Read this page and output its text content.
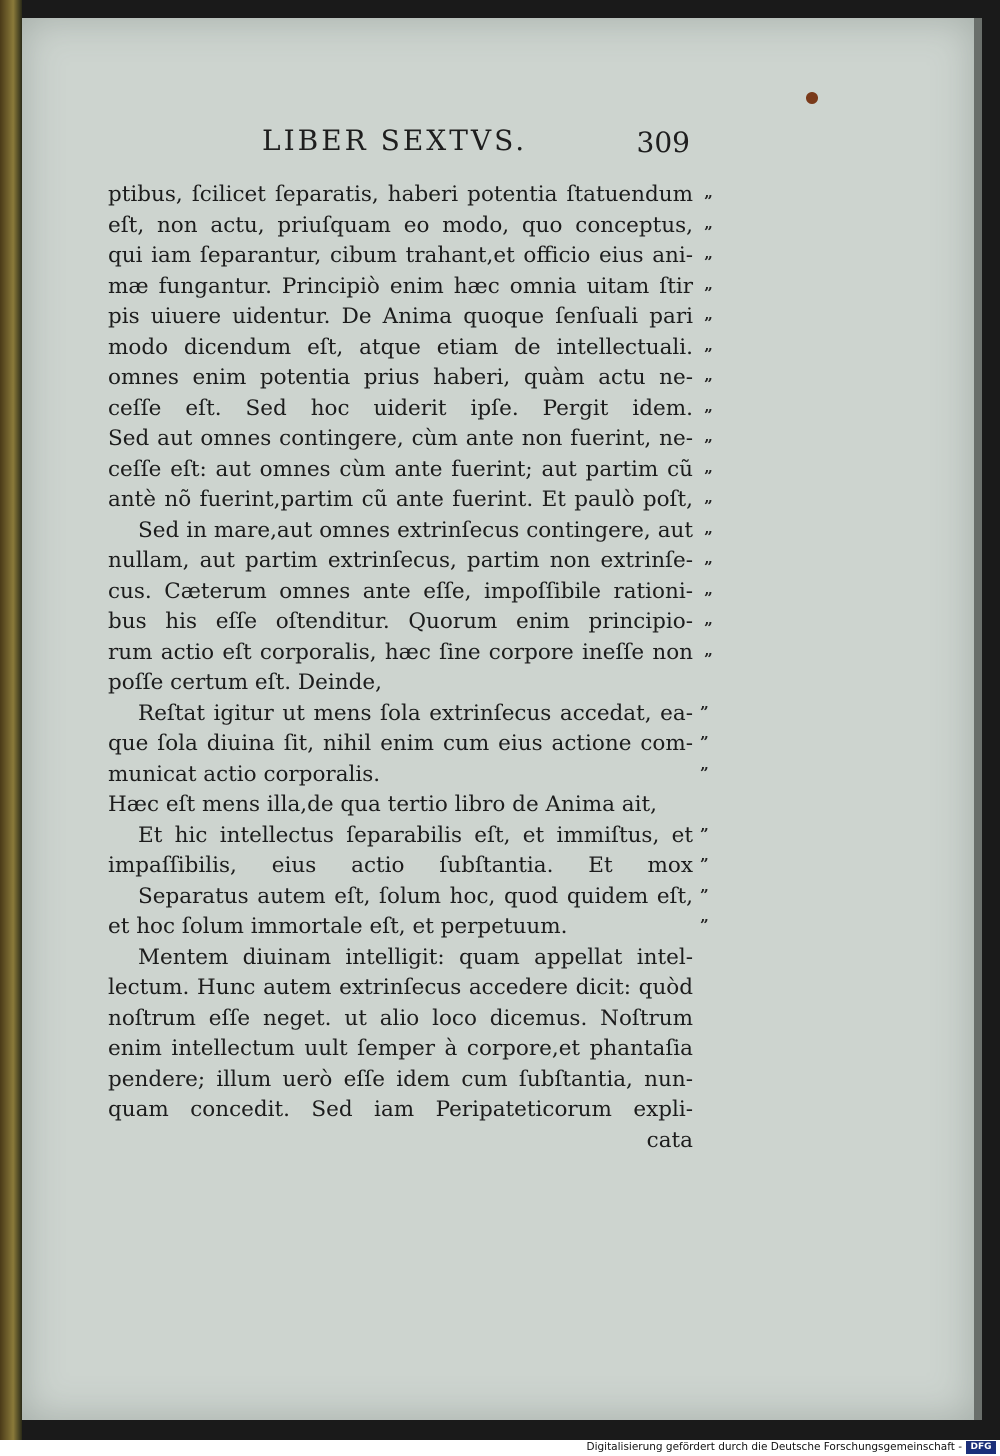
LIBER SEXTVS.	309
ptibus, ſcilicet ſeparatis, haberi potentia ſtatuendum
eſt, non actu, priuſquam eo modo, quo conceptus,
qui iam ſeparantur, cibum trahant,et officio eius ani-
mæ fungantur. Principiò enim hæc omnia uitam ſtir
pis uiuere uidentur. De Anima quoque ſenſuali pari
modo dicendum eſt, atque etiam de intellectuali.
omnes enim potentia prius haberi, quàm actu ne-
ceſſe eſt. Sed hoc uiderit ipſe. Pergit idem.
Sed aut omnes contingere, cùm ante non fuerint, ne-
ceſſe eſt: aut omnes cùm ante fuerint; aut partim cũ
antè nõ fuerint,partim cũ ante fuerint. Et paulò poſt,
Sed in mare,aut omnes extrinſecus contingere, aut
nullam, aut partim extrinſecus, partim non extrinſe-
cus. Cæterum omnes ante eſſe, impoſſibile rationi-
bus his eſſe oſtenditur. Quorum enim principio-
rum actio eſt corporalis, hæc ſine corpore ineſſe non
poſſe certum eſt. Deinde,
Reſtat igitur ut mens ſola extrinſecus accedat, ea-
que ſola diuina ſit, nihil enim cum eius actione com-
municat actio corporalis.
Hæc eſt mens illa,de qua tertio libro de Anima ait,
Et hic intellectus ſeparabilis eſt, et immiſtus, et
impaſſibilis, eius actio ſubſtantia. Et mox
Separatus autem eſt, ſolum hoc, quod quidem eſt,
et hoc ſolum immortale eſt, et perpetuum.
Mentem diuinam intelligit: quam appellat intel-
lectum. Hunc autem extrinſecus accedere dicit: quòd
noſtrum eſſe neget. ut alio loco dicemus. Noſtrum
enim intellectum uult ſemper à corpore,et phantaſia
pendere; illum uerò eſſe idem cum ſubſtantia, nun-
quam concedit. Sed iam Peripateticorum expli-
cata
”
”
”
”
”
”
”
”
”
”
”
”
”
”
”
”
”
”
”
”
”
”
”
Digitalisierung gefördert durch die Deutsche Forschungsgemeinschaft - DFG
